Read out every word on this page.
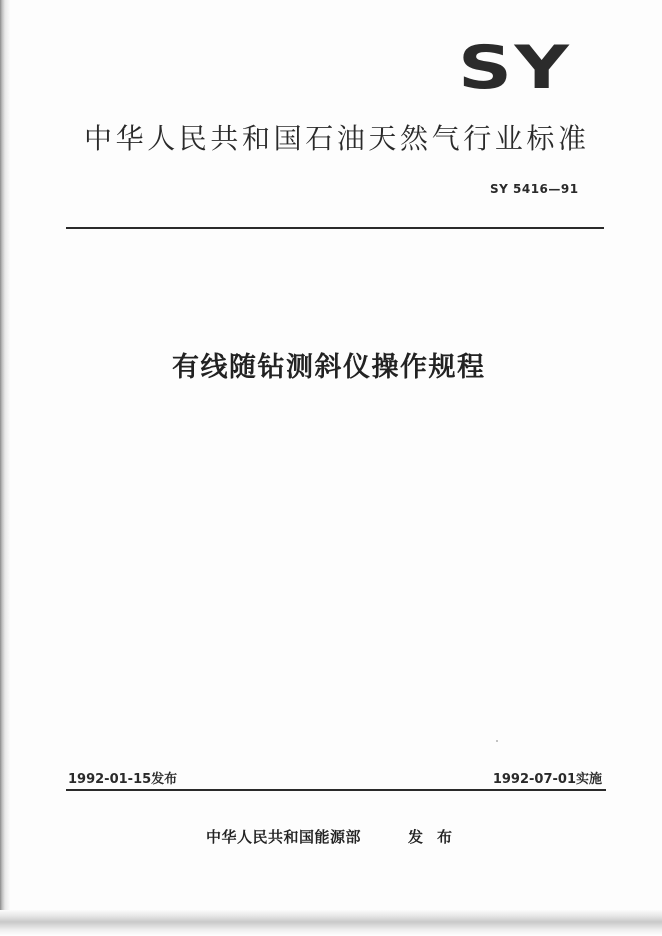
SY
中华人民共和国石油天然气行业标准
SY 5416—91
有线随钻测斜仪操作规程
1992-01-15发布	1992-07-01实施
中华人民共和国能源部	发布
